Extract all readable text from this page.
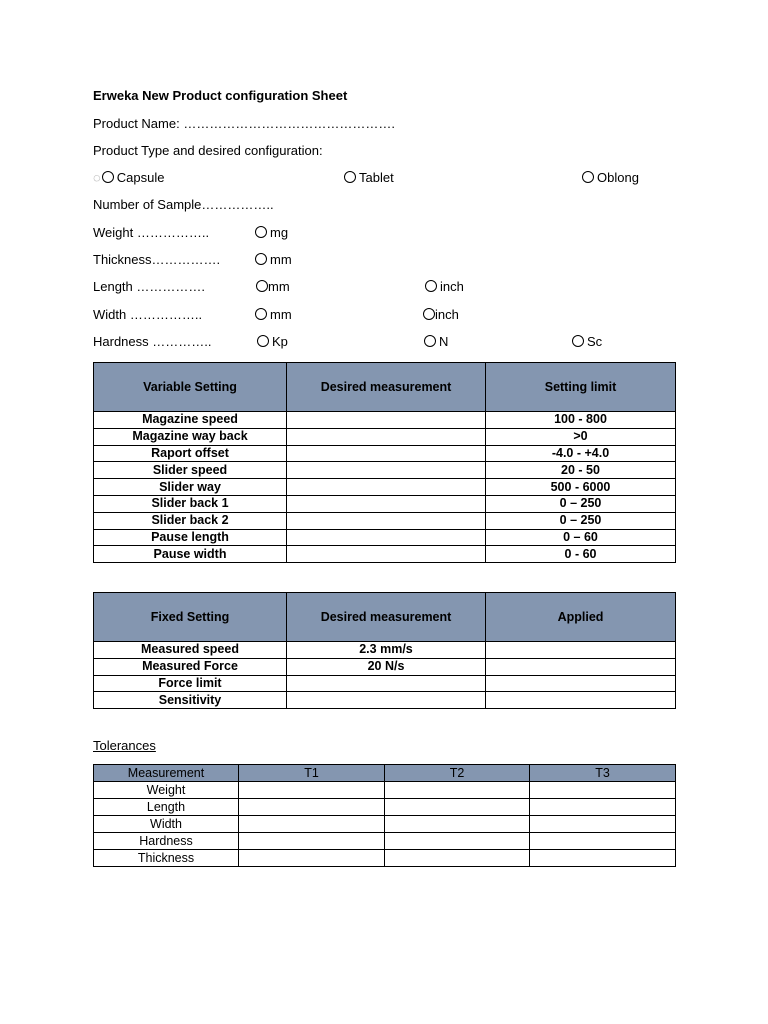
Erweka New Product configuration Sheet
Product Name: ………………………………………….
Product Type and desired configuration:
◌ Capsule	Tablet	Oblong
Number of Sample……………..
Weight ……………..	mg
Thickness…………….	mm
Length …………….	mm	inch
Width ……………..	mm	inch
Hardness …………..	Kp	N	Sc
Variable Setting	Desired measurement	Setting limit
Magazine speed		100 - 800
Magazine way back		>0
Raport offset		-4.0 - +4.0
Slider speed		20 - 50
Slider way		500 - 6000
Slider back 1		0 – 250
Slider back 2		0 – 250
Pause length		0 – 60
Pause width		0 - 60
Fixed Setting	Desired measurement	Applied
Measured speed	2.3 mm/s	
Measured Force	20 N/s	
Force limit		
Sensitivity		
Tolerances
Measurement	T1	T2	T3
Weight			
Length			
Width			
Hardness			
Thickness			
